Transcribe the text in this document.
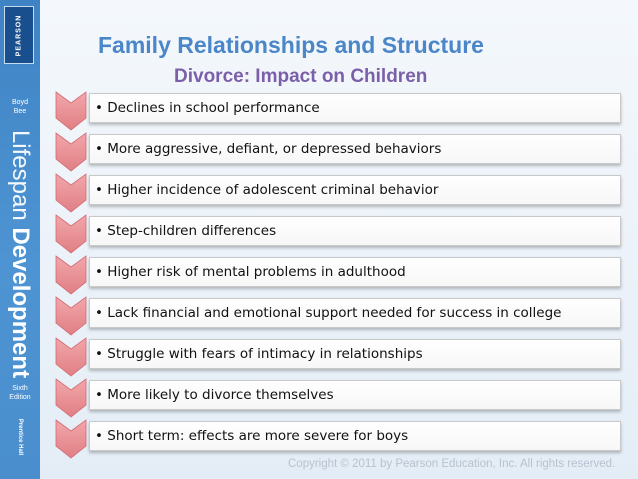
PEARSON
Boyd
Bee
Lifespan Development
Sixth
Edition
Prentice Hall
Family Relationships and Structure
Divorce: Impact on Children
• Declines in school performance
• More aggressive, defiant, or depressed behaviors
• Higher incidence of adolescent criminal behavior
• Step-children differences
• Higher risk of mental problems in adulthood
• Lack financial and emotional support needed for success in college
• Struggle with fears of intimacy in relationships
• More likely to divorce themselves
• Short term: effects are more severe for boys

Copyright © 2011 by Pearson Education, Inc. All rights reserved.
